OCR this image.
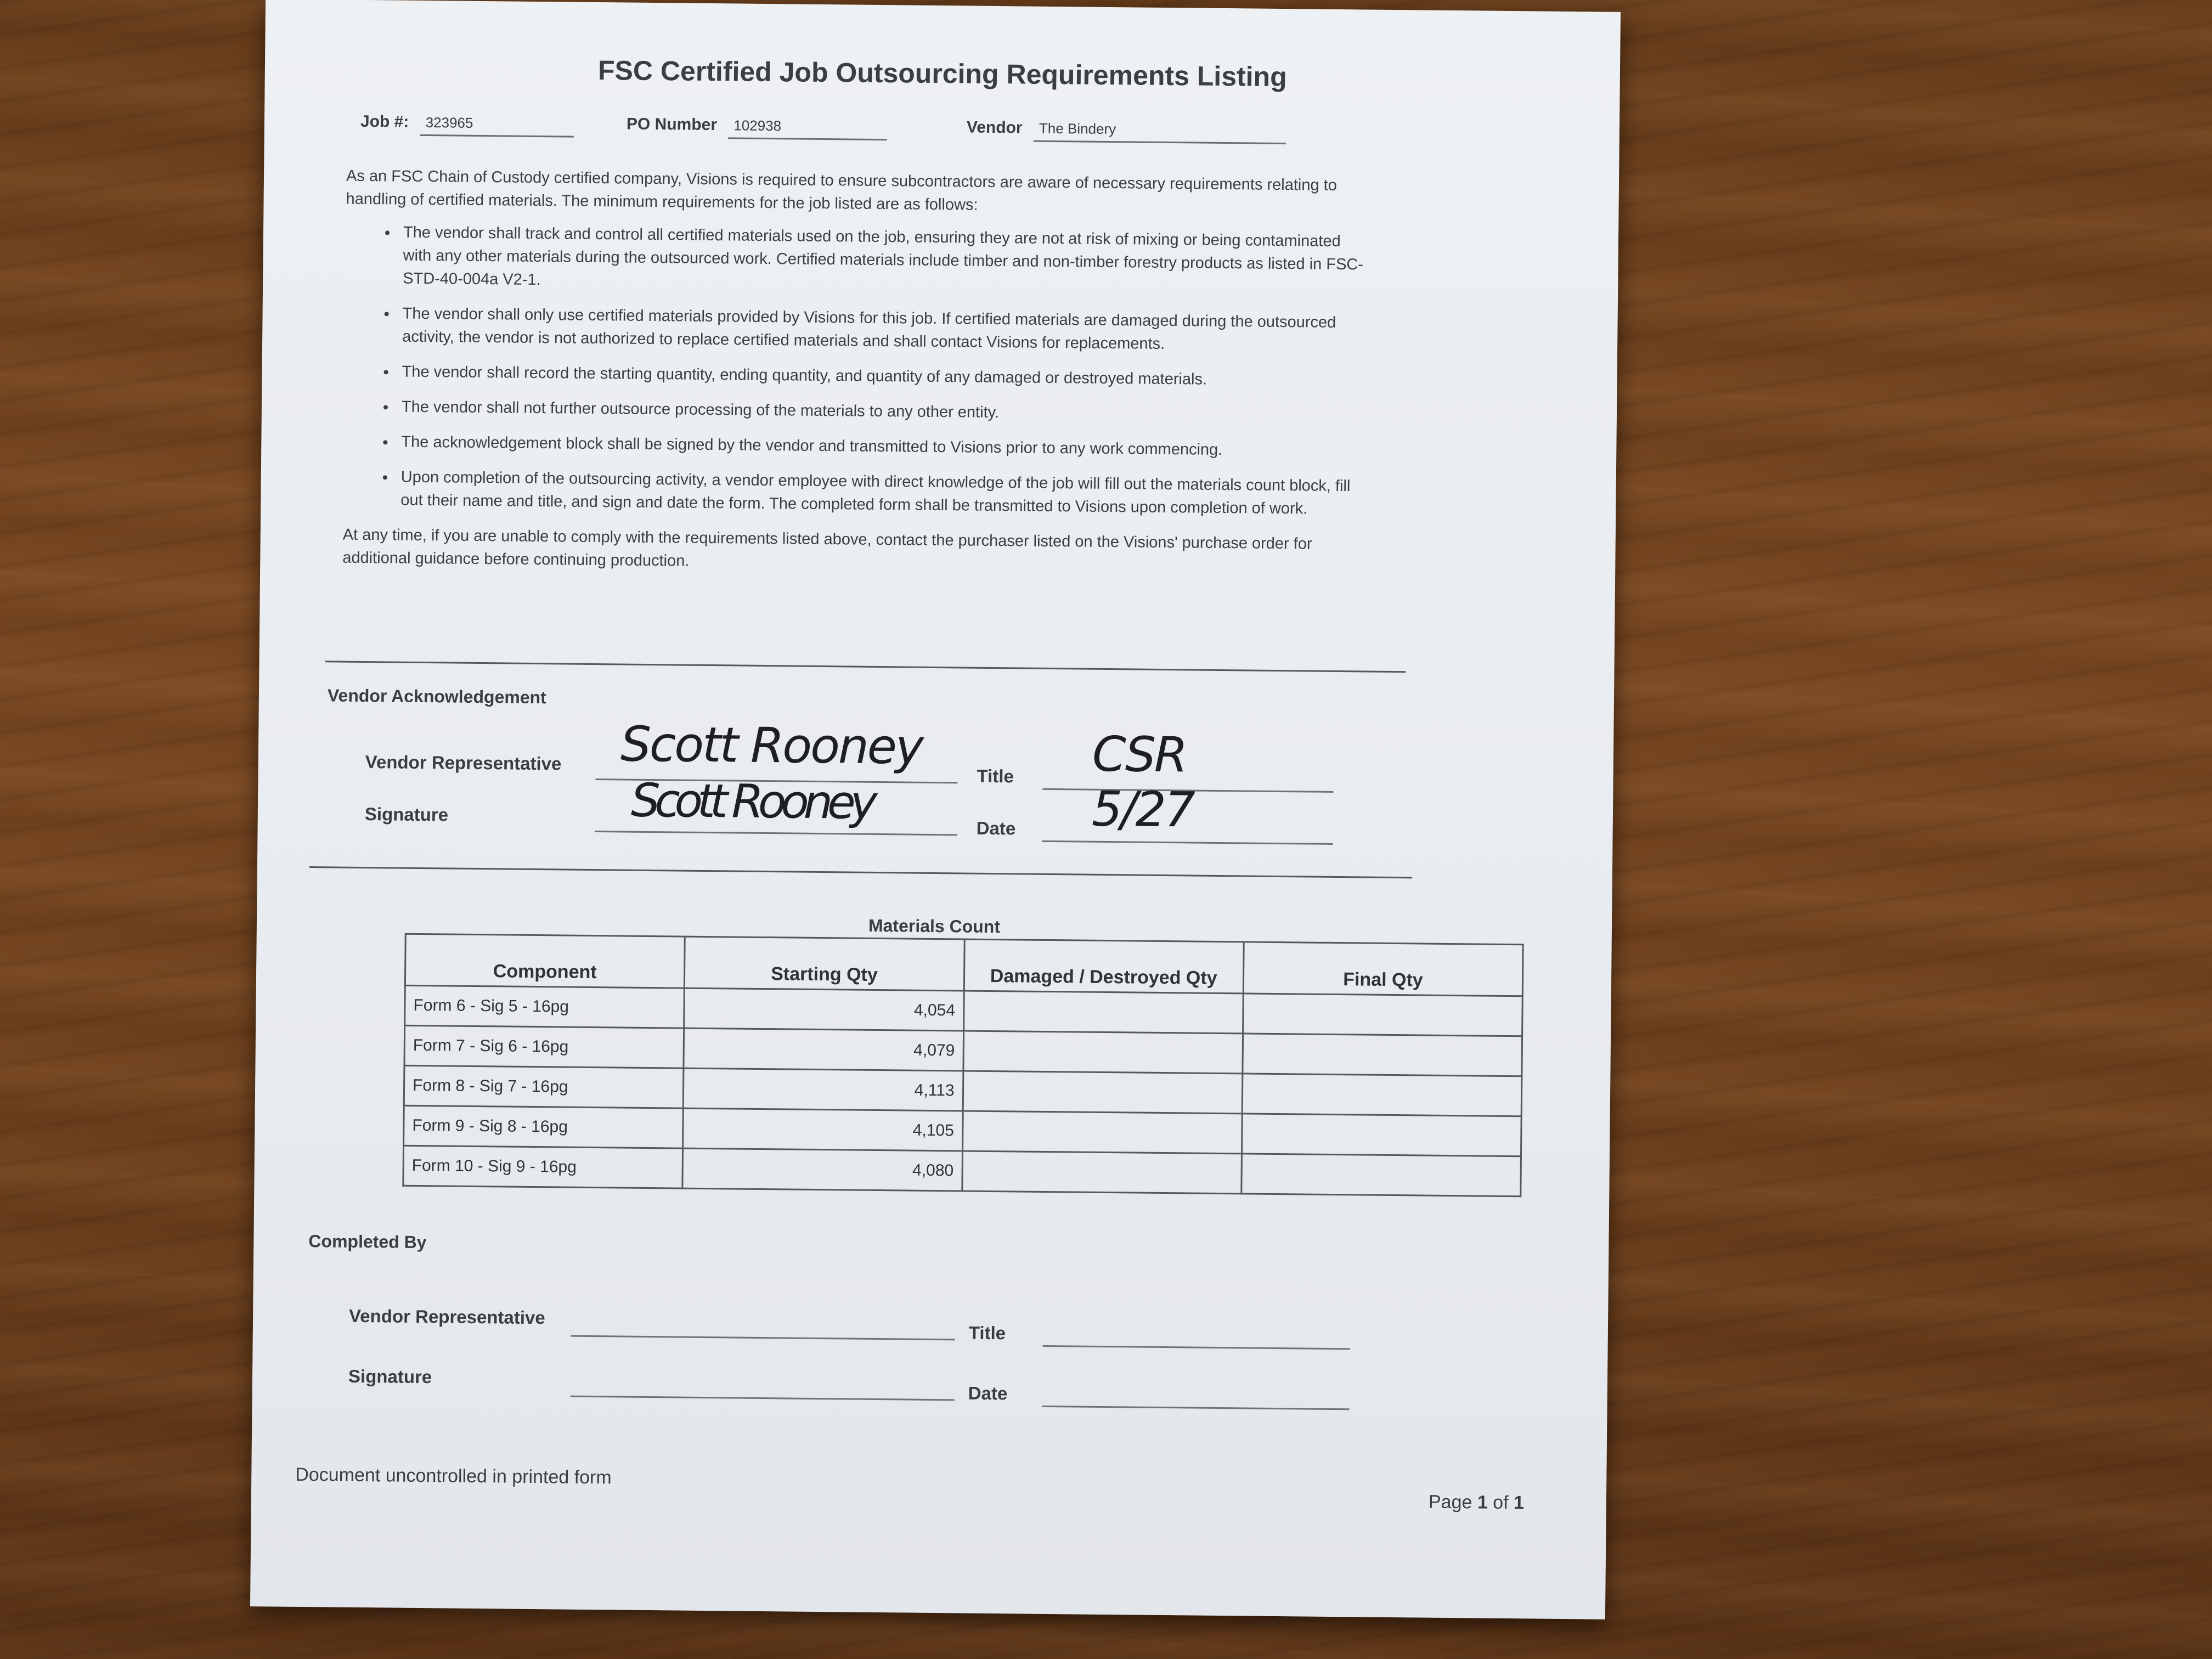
FSC Certified Job Outsourcing Requirements Listing
Job #: 323965	PO Number 102938	Vendor The Bindery
As an FSC Chain of Custody certified company, Visions is required to ensure subcontractors are aware of necessary requirements relating to handling of certified materials. The minimum requirements for the job listed are as follows:
• The vendor shall track and control all certified materials used on the job, ensuring they are not at risk of mixing or being contaminated with any other materials during the outsourced work. Certified materials include timber and non-timber forestry products as listed in FSC-STD-40-004a V2-1.
• The vendor shall only use certified materials provided by Visions for this job. If certified materials are damaged during the outsourced activity, the vendor is not authorized to replace certified materials and shall contact Visions for replacements.
• The vendor shall record the starting quantity, ending quantity, and quantity of any damaged or destroyed materials.
• The vendor shall not further outsource processing of the materials to any other entity.
• The acknowledgement block shall be signed by the vendor and transmitted to Visions prior to any work commencing.
• Upon completion of the outsourcing activity, a vendor employee with direct knowledge of the job will fill out the materials count block, fill out their name and title, and sign and date the form. The completed form shall be transmitted to Visions upon completion of work.
At any time, if you are unable to comply with the requirements listed above, contact the purchaser listed on the Visions' purchase order for additional guidance before continuing production.
Vendor Acknowledgement
Vendor Representative Scott Rooney
Title CSR
Signature	Scott Rooney	Date 5/27
Materials Count
Component	Starting Qty	Damaged / Destroyed Qty	Final Qty
Form 6 - Sig 5 - 16pg	4,054		
Form 7 - Sig 6 - 16pg	4,079		
Form 8 - Sig 7 - 16pg	4,113		
Form 9 - Sig 8 - 16pg	4,105		
Form 10 - Sig 9 - 16pg	4,080		
Completed By
Vendor Representative
Title
Signature
Date
Document uncontrolled in printed form
Page 1 of 1
